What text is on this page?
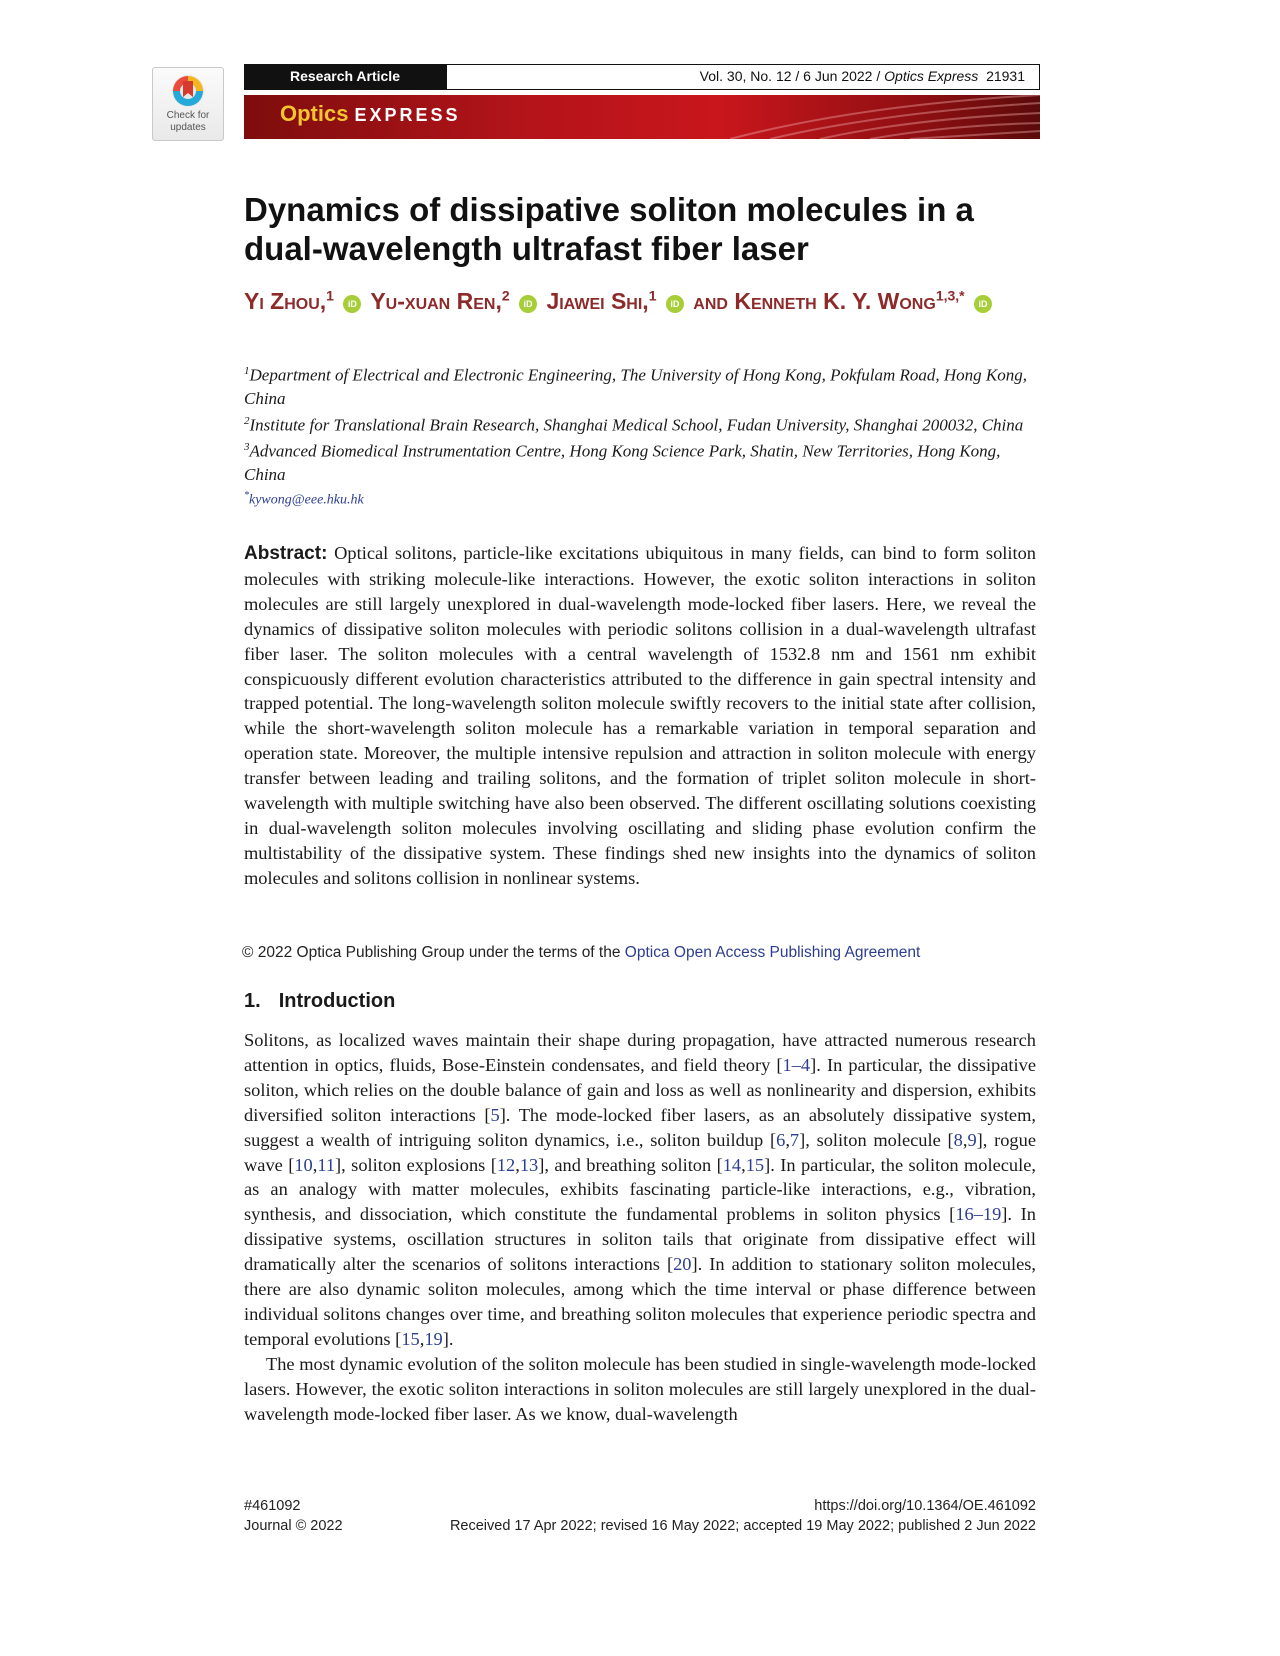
Check for
updates
Research Article	Vol. 30, No. 12 / 6 Jun 2022 / Optics Express 21931
Optics EXPRESS
Dynamics of dissipative soliton molecules in a dual-wavelength ultrafast fiber laser

Yi Zhou,$^1$ iD Yu-xuan Ren,$^2$ iD Jiawei Shi,$^1$ iD and Kenneth K. Y. Wong$^{1,3,*}$ iD

$^1$Department of Electrical and Electronic Engineering, The University of Hong Kong, Pokfulam Road, Hong Kong, China

$^2$Institute for Translational Brain Research, Shanghai Medical School, Fudan University, Shanghai 200032, China

$^3$Advanced Biomedical Instrumentation Centre, Hong Kong Science Park, Shatin, New Territories, Hong Kong, China

*kywong@eee.hku.hk

Abstract: Optical solitons, particle-like excitations ubiquitous in many fields, can bind to form soliton molecules with striking molecule-like interactions. However, the exotic soliton interactions in soliton molecules are still largely unexplored in dual-wavelength mode-locked fiber lasers. Here, we reveal the dynamics of dissipative soliton molecules with periodic solitons collision in a dual-wavelength ultrafast fiber laser. The soliton molecules with a central wavelength of 1532.8 nm and 1561 nm exhibit conspicuously different evolution characteristics attributed to the difference in gain spectral intensity and trapped potential. The long-wavelength soliton molecule swiftly recovers to the initial state after collision, while the short-wavelength soliton molecule has a remarkable variation in temporal separation and operation state. Moreover, the multiple intensive repulsion and attraction in soliton molecule with energy transfer between leading and trailing solitons, and the formation of triplet soliton molecule in short-wavelength with multiple switching have also been observed. The different oscillating solutions coexisting in dual-wavelength soliton molecules involving oscillating and sliding phase evolution confirm the multistability of the dissipative system. These findings shed new insights into the dynamics of soliton molecules and solitons collision in nonlinear systems.

© 2022 Optica Publishing Group under the terms of the Optica Open Access Publishing Agreement
1. Introduction

Solitons, as localized waves maintain their shape during propagation, have attracted numerous research attention in optics, fluids, Bose-Einstein condensates, and field theory [1–4]. In particular, the dissipative soliton, which relies on the double balance of gain and loss as well as nonlinearity and dispersion, exhibits diversified soliton interactions [5]. The mode-locked fiber lasers, as an absolutely dissipative system, suggest a wealth of intriguing soliton dynamics, i.e., soliton buildup [6,7], soliton molecule [8,9], rogue wave [10,11], soliton explosions [12,13], and breathing soliton [14,15]. In particular, the soliton molecule, as an analogy with matter molecules, exhibits fascinating particle-like interactions, e.g., vibration, synthesis, and dissociation, which constitute the fundamental problems in soliton physics [16–19]. In dissipative systems, oscillation structures in soliton tails that originate from dissipative effect will dramatically alter the scenarios of solitons interactions [20]. In addition to stationary soliton molecules, there are also dynamic soliton molecules, among which the time interval or phase difference between individual solitons changes over time, and breathing soliton molecules that experience periodic spectra and temporal evolutions [15,19].

The most dynamic evolution of the soliton molecule has been studied in single-wavelength mode-locked lasers. However, the exotic soliton interactions in soliton molecules are still largely unexplored in the dual-wavelength mode-locked fiber laser. As we know, dual-wavelength

#461092	https://doi.org/10.1364/OE.461092
Journal © 2022	Received 17 Apr 2022; revised 16 May 2022; accepted 19 May 2022; published 2 Jun 2022
